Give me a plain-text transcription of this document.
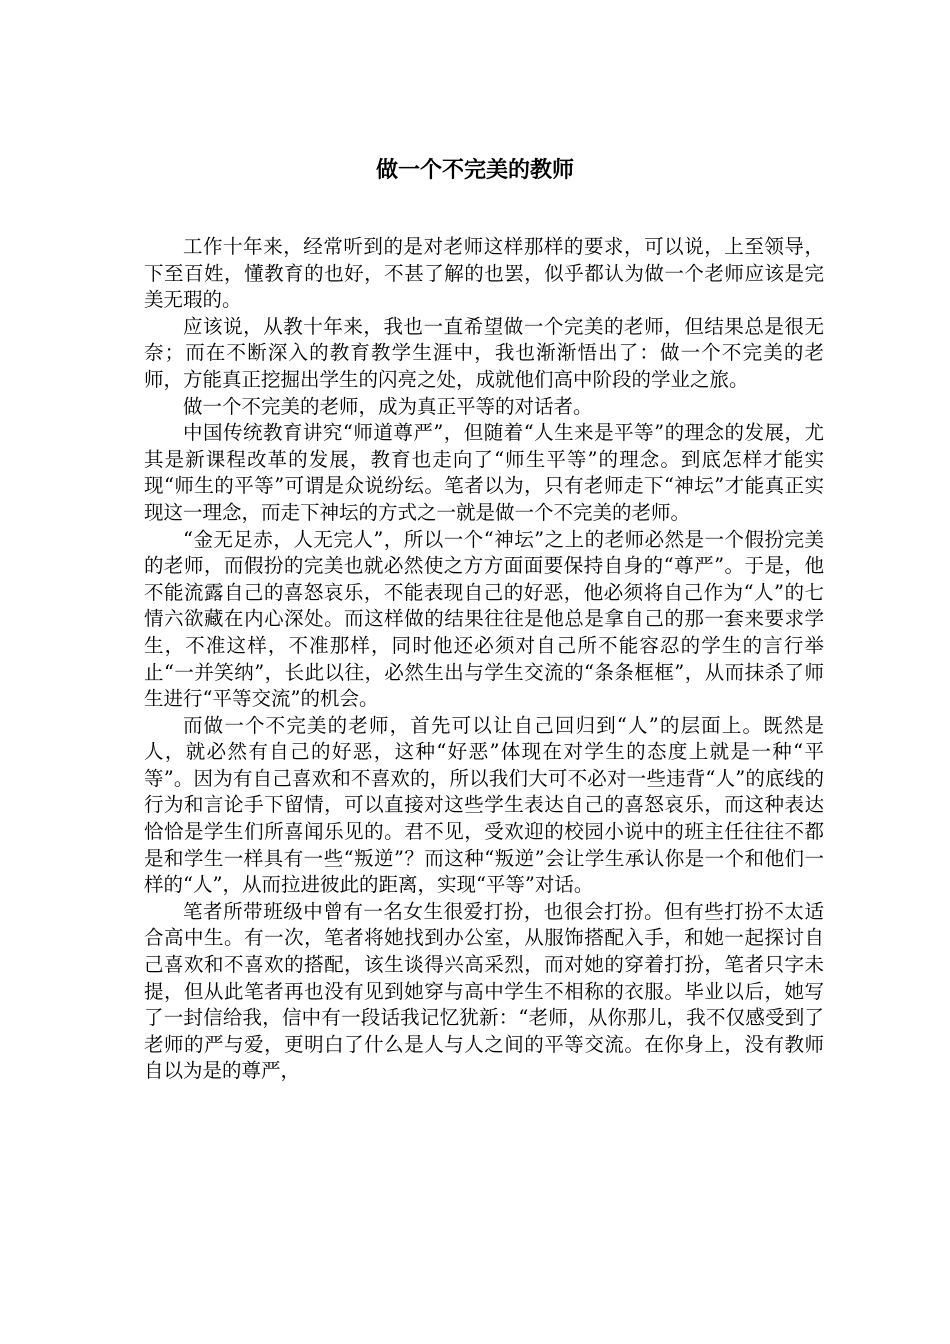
做一个不完美的教师

工作十年来，经常听到的是对老师这样那样的要求，可以说，上至领导，下至百姓，懂教育的也好，不甚了解的也罢，似乎都认为做一个老师应该是完美无瑕的。

应该说，从教十年来，我也一直希望做一个完美的老师，但结果总是很无奈；而在不断深入的教育教学生涯中，我也渐渐悟出了：做一个不完美的老师，方能真正挖掘出学生的闪亮之处，成就他们高中阶段的学业之旅。

做一个不完美的老师，成为真正平等的对话者。

中国传统教育讲究“师道尊严”，但随着“人生来是平等”的理念的发展，尤其是新课程改革的发展，教育也走向了“师生平等”的理念。到底怎样才能实现“师生的平等”可谓是众说纷纭。笔者以为，只有老师走下“神坛”才能真正实现这一理念，而走下神坛的方式之一就是做一个不完美的老师。

“金无足赤，人无完人”，所以一个“神坛”之上的老师必然是一个假扮完美的老师，而假扮的完美也就必然使之方方面面要保持自身的“尊严”。于是，他不能流露自己的喜怒哀乐，不能表现自己的好恶，他必须将自己作为“人”的七情六欲藏在内心深处。而这样做的结果往往是他总是拿自己的那一套来要求学生，不准这样，不准那样，同时他还必须对自己所不能容忍的学生的言行举止“一并笑纳”，长此以往，必然生出与学生交流的“条条框框”，从而抹杀了师生进行“平等交流”的机会。

而做一个不完美的老师，首先可以让自己回归到“人”的层面上。既然是人，就必然有自己的好恶，这种“好恶”体现在对学生的态度上就是一种“平等”。因为有自己喜欢和不喜欢的，所以我们大可不必对一些违背“人”的底线的行为和言论手下留情，可以直接对这些学生表达自己的喜怒哀乐，而这种表达恰恰是学生们所喜闻乐见的。君不见，受欢迎的校园小说中的班主任往往不都是和学生一样具有一些“叛逆”？而这种“叛逆”会让学生承认你是一个和他们一样的“人”，从而拉进彼此的距离，实现“平等”对话。

笔者所带班级中曾有一名女生很爱打扮，也很会打扮。但有些打扮不太适合高中生。有一次，笔者将她找到办公室，从服饰搭配入手，和她一起探讨自己喜欢和不喜欢的搭配，该生谈得兴高采烈，而对她的穿着打扮，笔者只字未提，但从此笔者再也没有见到她穿与高中学生不相称的衣服。毕业以后，她写了一封信给我，信中有一段话我记忆犹新：“老师，从你那儿，我不仅感受到了老师的严与爱，更明白了什么是人与人之间的平等交流。在你身上，没有教师自以为是的尊严，
